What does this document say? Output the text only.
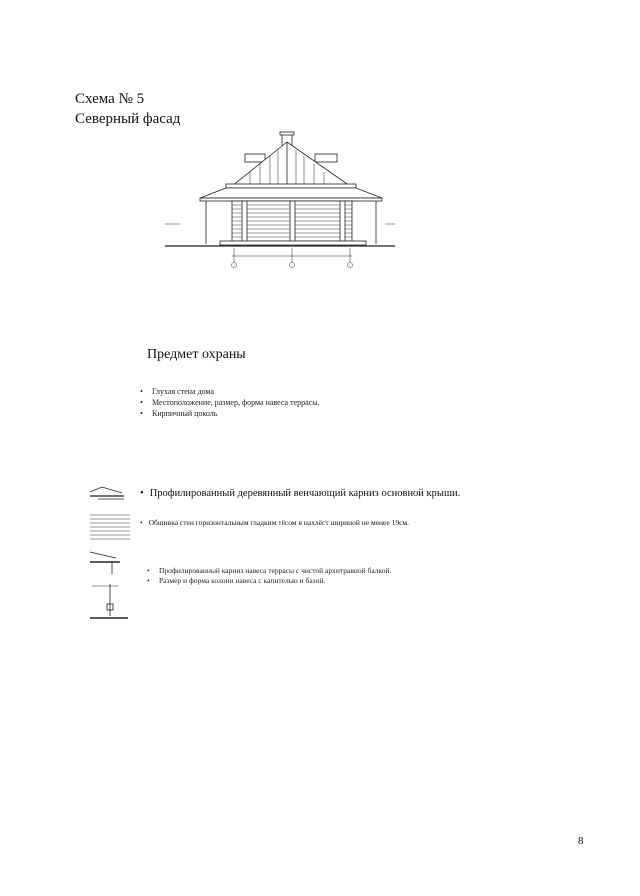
Схема № 5
Северный фасад
Предмет охраны
• Глухая стена дома
• Местоположение, размер, форма навеса террасы.
• Кирпичный цоколь
• Профилированный деревянный венчающий карниз основной крыши.
• Обшивка стен горизонтальным гладким тёсом в нахлёст шириной не менее 19см.
• Профилированный карниз навеса террасы с чистой архитравной балкой.
• Размер и форма колонн навеса с капителью и базой.
8
